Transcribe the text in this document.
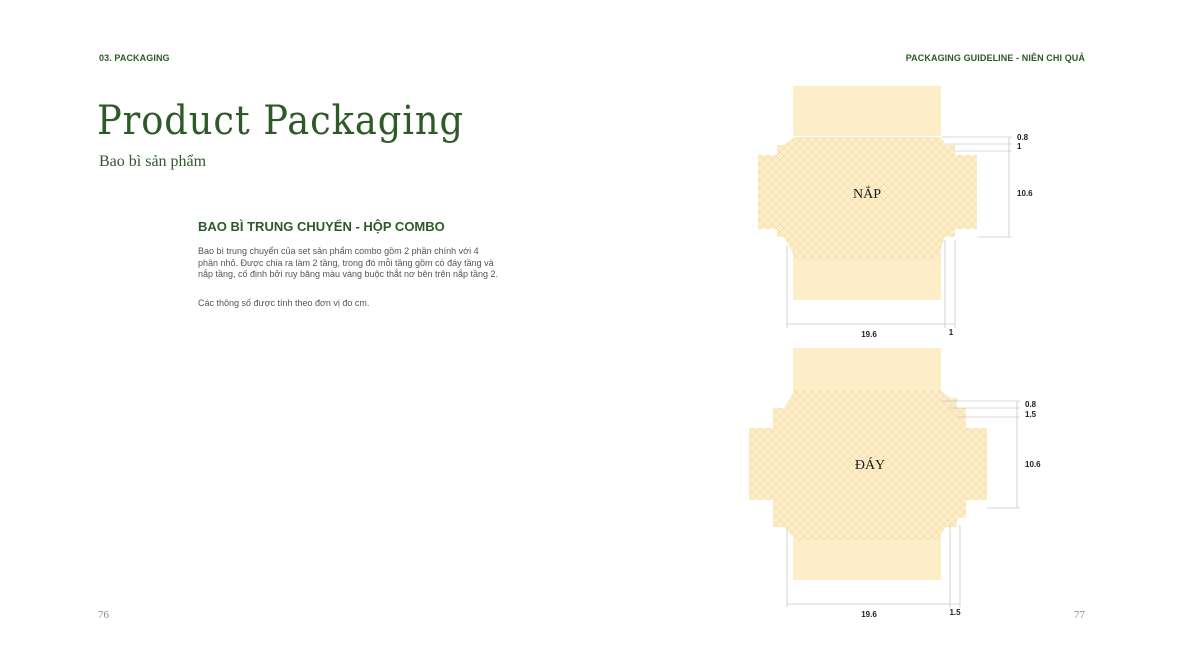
03. PACKAGING	PACKAGING GUIDELINE - NIÊN CHI QUẢ
Product Packaging
Bao bì sản phẩm
BAO BÌ TRUNG CHUYỂN - HỘP COMBO
Bao bì trung chuyển của set sản phẩm combo gồm 2 phần chính với 4 phần nhỏ. Được chia ra làm 2 tầng, trong đó mỗi tầng gồm có đáy tầng và nắp tầng, cố định bởi ruy băng màu vàng buộc thắt nơ bên trên nắp tầng 2.
Các thông số được tính theo đơn vị đo cm.
NẮP
0.8
1
10.6
19.6	1
ĐÁY
0.8
1.5
10.6
19.6	1.5
76	77
